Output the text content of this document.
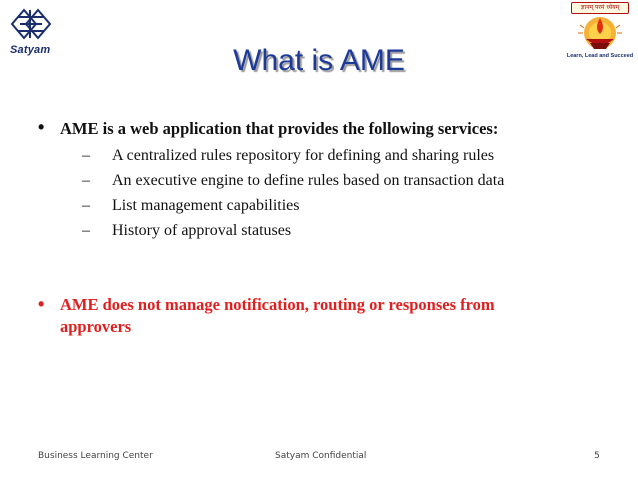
Satyam
ज्ञानम् परमं ध्येयम्
Learn, Lead and Succeed
What is AME
• AME is a web application that provides the following services:
– A centralized rules repository for defining and sharing rules
– An executive engine to define rules based on transaction data
– List management capabilities
– History of approval statuses
• AME does not manage notification, routing or responses from approvers
Business Learning Center	Satyam Confidential	5
